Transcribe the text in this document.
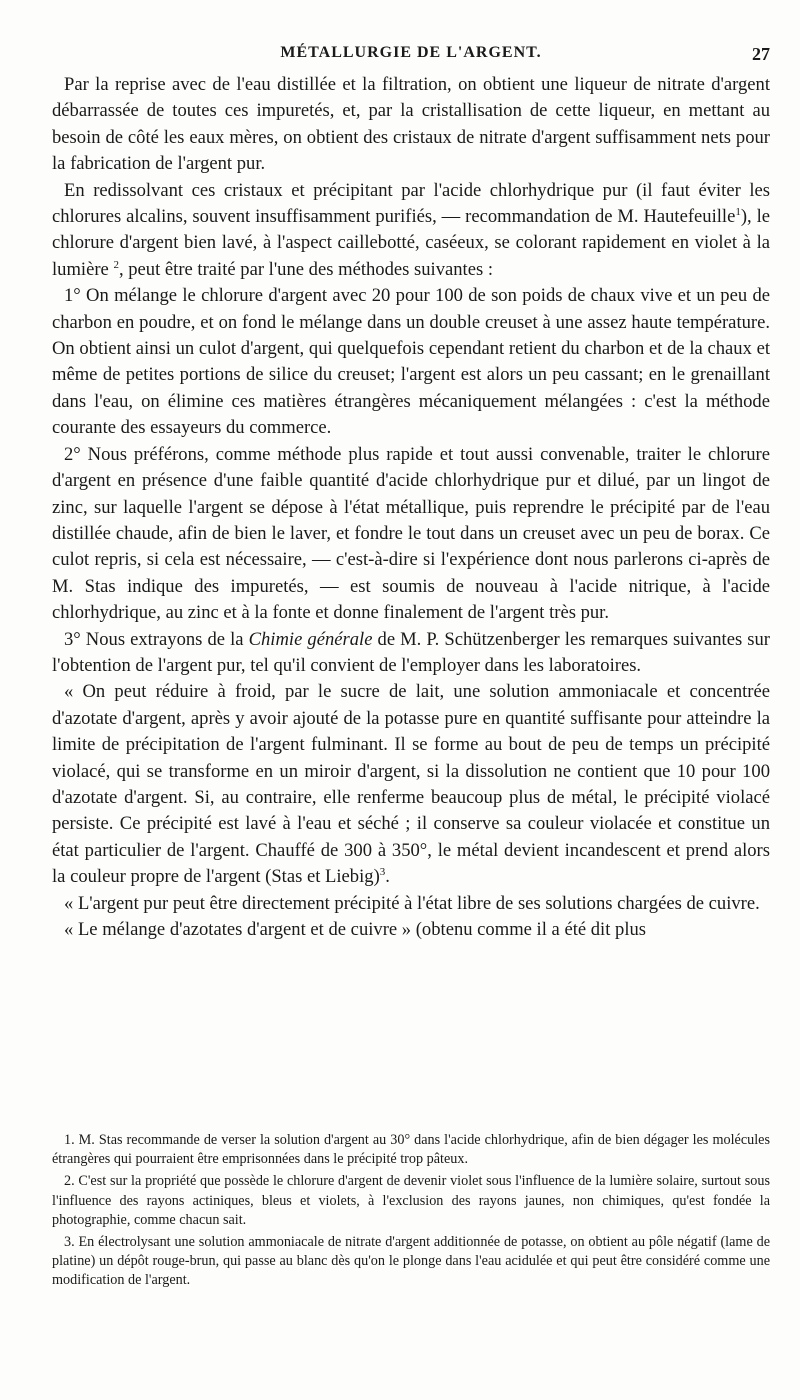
MÉTALLURGIE DE L'ARGENT.	27

Par la reprise avec de l'eau distillée et la filtration, on obtient une liqueur de nitrate d'argent débarrassée de toutes ces impuretés, et, par la cristallisation de cette liqueur, en mettant au besoin de côté les eaux mères, on obtient des cristaux de nitrate d'argent suffisamment nets pour la fabrication de l'argent pur.

En redissolvant ces cristaux et précipitant par l'acide chlorhydrique pur (il faut éviter les chlorures alcalins, souvent insuffisamment purifiés, — recommandation de M. Hautefeuille$^1$), le chlorure d'argent bien lavé, à l'aspect caillebotté, caséeux, se colorant rapidement en violet à la lumière $^2$, peut être traité par l'une des méthodes suivantes :

1° On mélange le chlorure d'argent avec 20 pour 100 de son poids de chaux vive et un peu de charbon en poudre, et on fond le mélange dans un double creuset à une assez haute température. On obtient ainsi un culot d'argent, qui quelquefois cependant retient du charbon et de la chaux et même de petites portions de silice du creuset; l'argent est alors un peu cassant; en le grenaillant dans l'eau, on élimine ces matières étrangères mécaniquement mélangées : c'est la méthode courante des essayeurs du commerce.

2° Nous préférons, comme méthode plus rapide et tout aussi convenable, traiter le chlorure d'argent en présence d'une faible quantité d'acide chlorhydrique pur et dilué, par un lingot de zinc, sur laquelle l'argent se dépose à l'état métallique, puis reprendre le précipité par de l'eau distillée chaude, afin de bien le laver, et fondre le tout dans un creuset avec un peu de borax. Ce culot repris, si cela est nécessaire, — c'est-à-dire si l'expérience dont nous parlerons ci-après de M. Stas indique des impuretés, — est soumis de nouveau à l'acide nitrique, à l'acide chlorhydrique, au zinc et à la fonte et donne finalement de l'argent très pur.

3° Nous extrayons de la Chimie générale de M. P. Schützenberger les remarques suivantes sur l'obtention de l'argent pur, tel qu'il convient de l'employer dans les laboratoires.

« On peut réduire à froid, par le sucre de lait, une solution ammoniacale et concentrée d'azotate d'argent, après y avoir ajouté de la potasse pure en quantité suffisante pour atteindre la limite de précipitation de l'argent fulminant. Il se forme au bout de peu de temps un précipité violacé, qui se transforme en un miroir d'argent, si la dissolution ne contient que 10 pour 100 d'azotate d'argent. Si, au contraire, elle renferme beaucoup plus de métal, le précipité violacé persiste. Ce précipité est lavé à l'eau et séché ; il conserve sa couleur violacée et constitue un état particulier de l'argent. Chauffé de 300 à 350°, le métal devient incandescent et prend alors la couleur propre de l'argent (Stas et Liebig)$^3$.

« L'argent pur peut être directement précipité à l'état libre de ses solutions chargées de cuivre.

« Le mélange d'azotates d'argent et de cuivre » (obtenu comme il a été dit plus

1. M. Stas recommande de verser la solution d'argent au 30° dans l'acide chlorhydrique, afin de bien dégager les molécules étrangères qui pourraient être emprisonnées dans le précipité trop pâteux.

2. C'est sur la propriété que possède le chlorure d'argent de devenir violet sous l'influence de la lumière solaire, surtout sous l'influence des rayons actiniques, bleus et violets, à l'exclusion des rayons jaunes, non chimiques, qu'est fondée la photographie, comme chacun sait.

3. En électrolysant une solution ammoniacale de nitrate d'argent additionnée de potasse, on obtient au pôle négatif (lame de platine) un dépôt rouge-brun, qui passe au blanc dès qu'on le plonge dans l'eau acidulée et qui peut être considéré comme une modification de l'argent.
